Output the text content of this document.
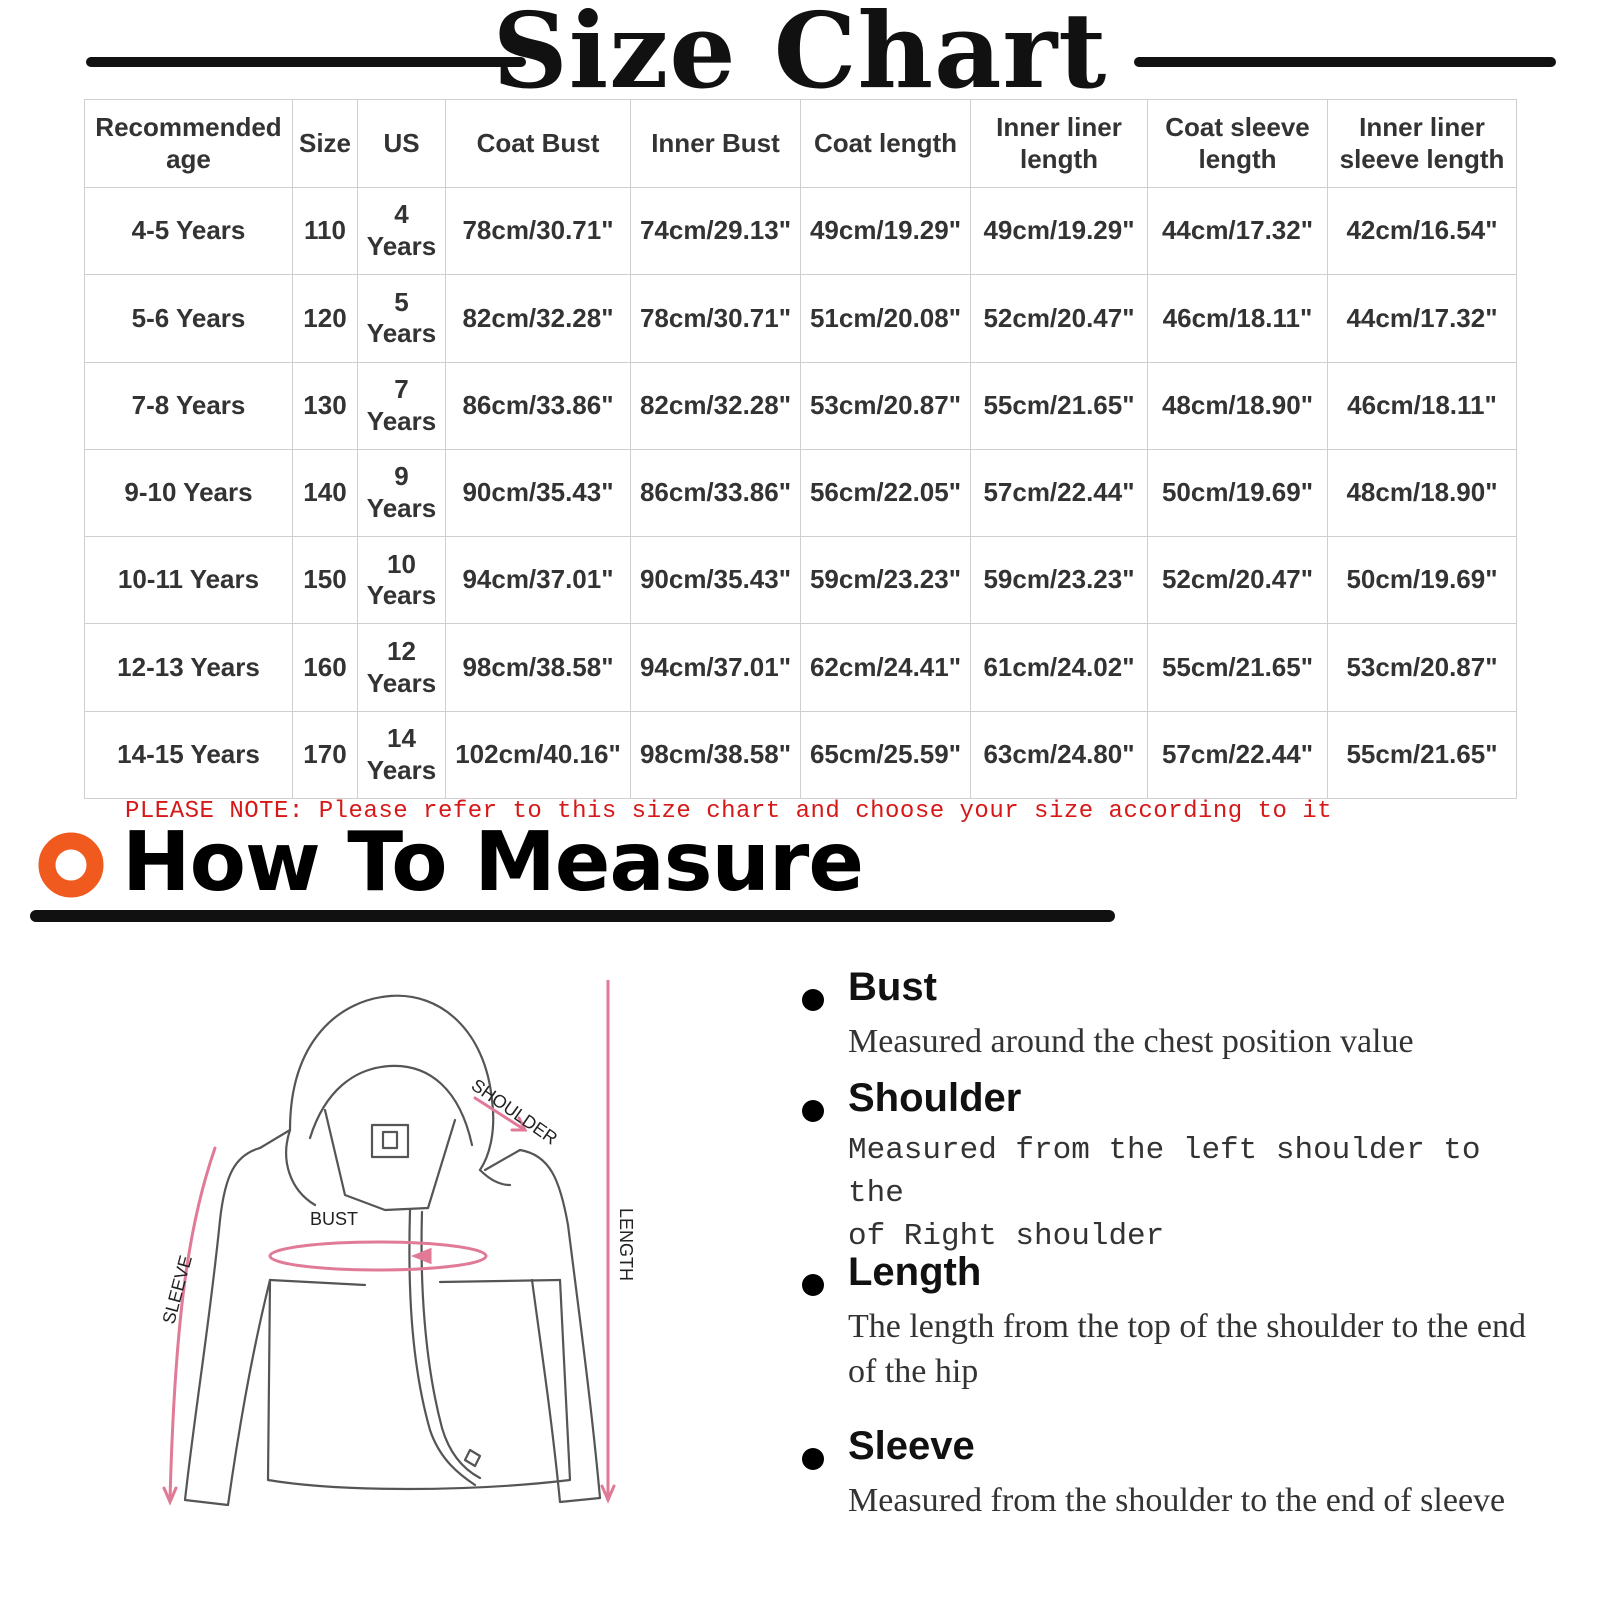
Size Chart
Recommended age	Size	US	Coat Bust	Inner Bust	Coat length	Inner liner length	Coat sleeve length	Inner liner sleeve length
4-5 Years	110	4 Years	78cm/30.71"	74cm/29.13"	49cm/19.29"	49cm/19.29"	44cm/17.32"	42cm/16.54"
5-6 Years	120	5 Years	82cm/32.28"	78cm/30.71"	51cm/20.08"	52cm/20.47"	46cm/18.11"	44cm/17.32"
7-8 Years	130	7 Years	86cm/33.86"	82cm/32.28"	53cm/20.87"	55cm/21.65"	48cm/18.90"	46cm/18.11"
9-10 Years	140	9 Years	90cm/35.43"	86cm/33.86"	56cm/22.05"	57cm/22.44"	50cm/19.69"	48cm/18.90"
10-11 Years	150	10 Years	94cm/37.01"	90cm/35.43"	59cm/23.23"	59cm/23.23"	52cm/20.47"	50cm/19.69"
12-13 Years	160	12 Years	98cm/38.58"	94cm/37.01"	62cm/24.41"	61cm/24.02"	55cm/21.65"	53cm/20.87"
14-15 Years	170	14 Years	102cm/40.16"	98cm/38.58"	65cm/25.59"	63cm/24.80"	57cm/22.44"	55cm/21.65"
PLEASE NOTE: Please refer to this size chart and choose your size according to it
How To Measure
SHOULDER
BUST
SLEEVE
LENGTH
Bust
Measured around the chest position value
Shoulder
Measured from the left shoulder to the
of Right shoulder
Length
The length from the top of the shoulder to the end of the hip
Sleeve
Measured from the shoulder to the end of sleeve
